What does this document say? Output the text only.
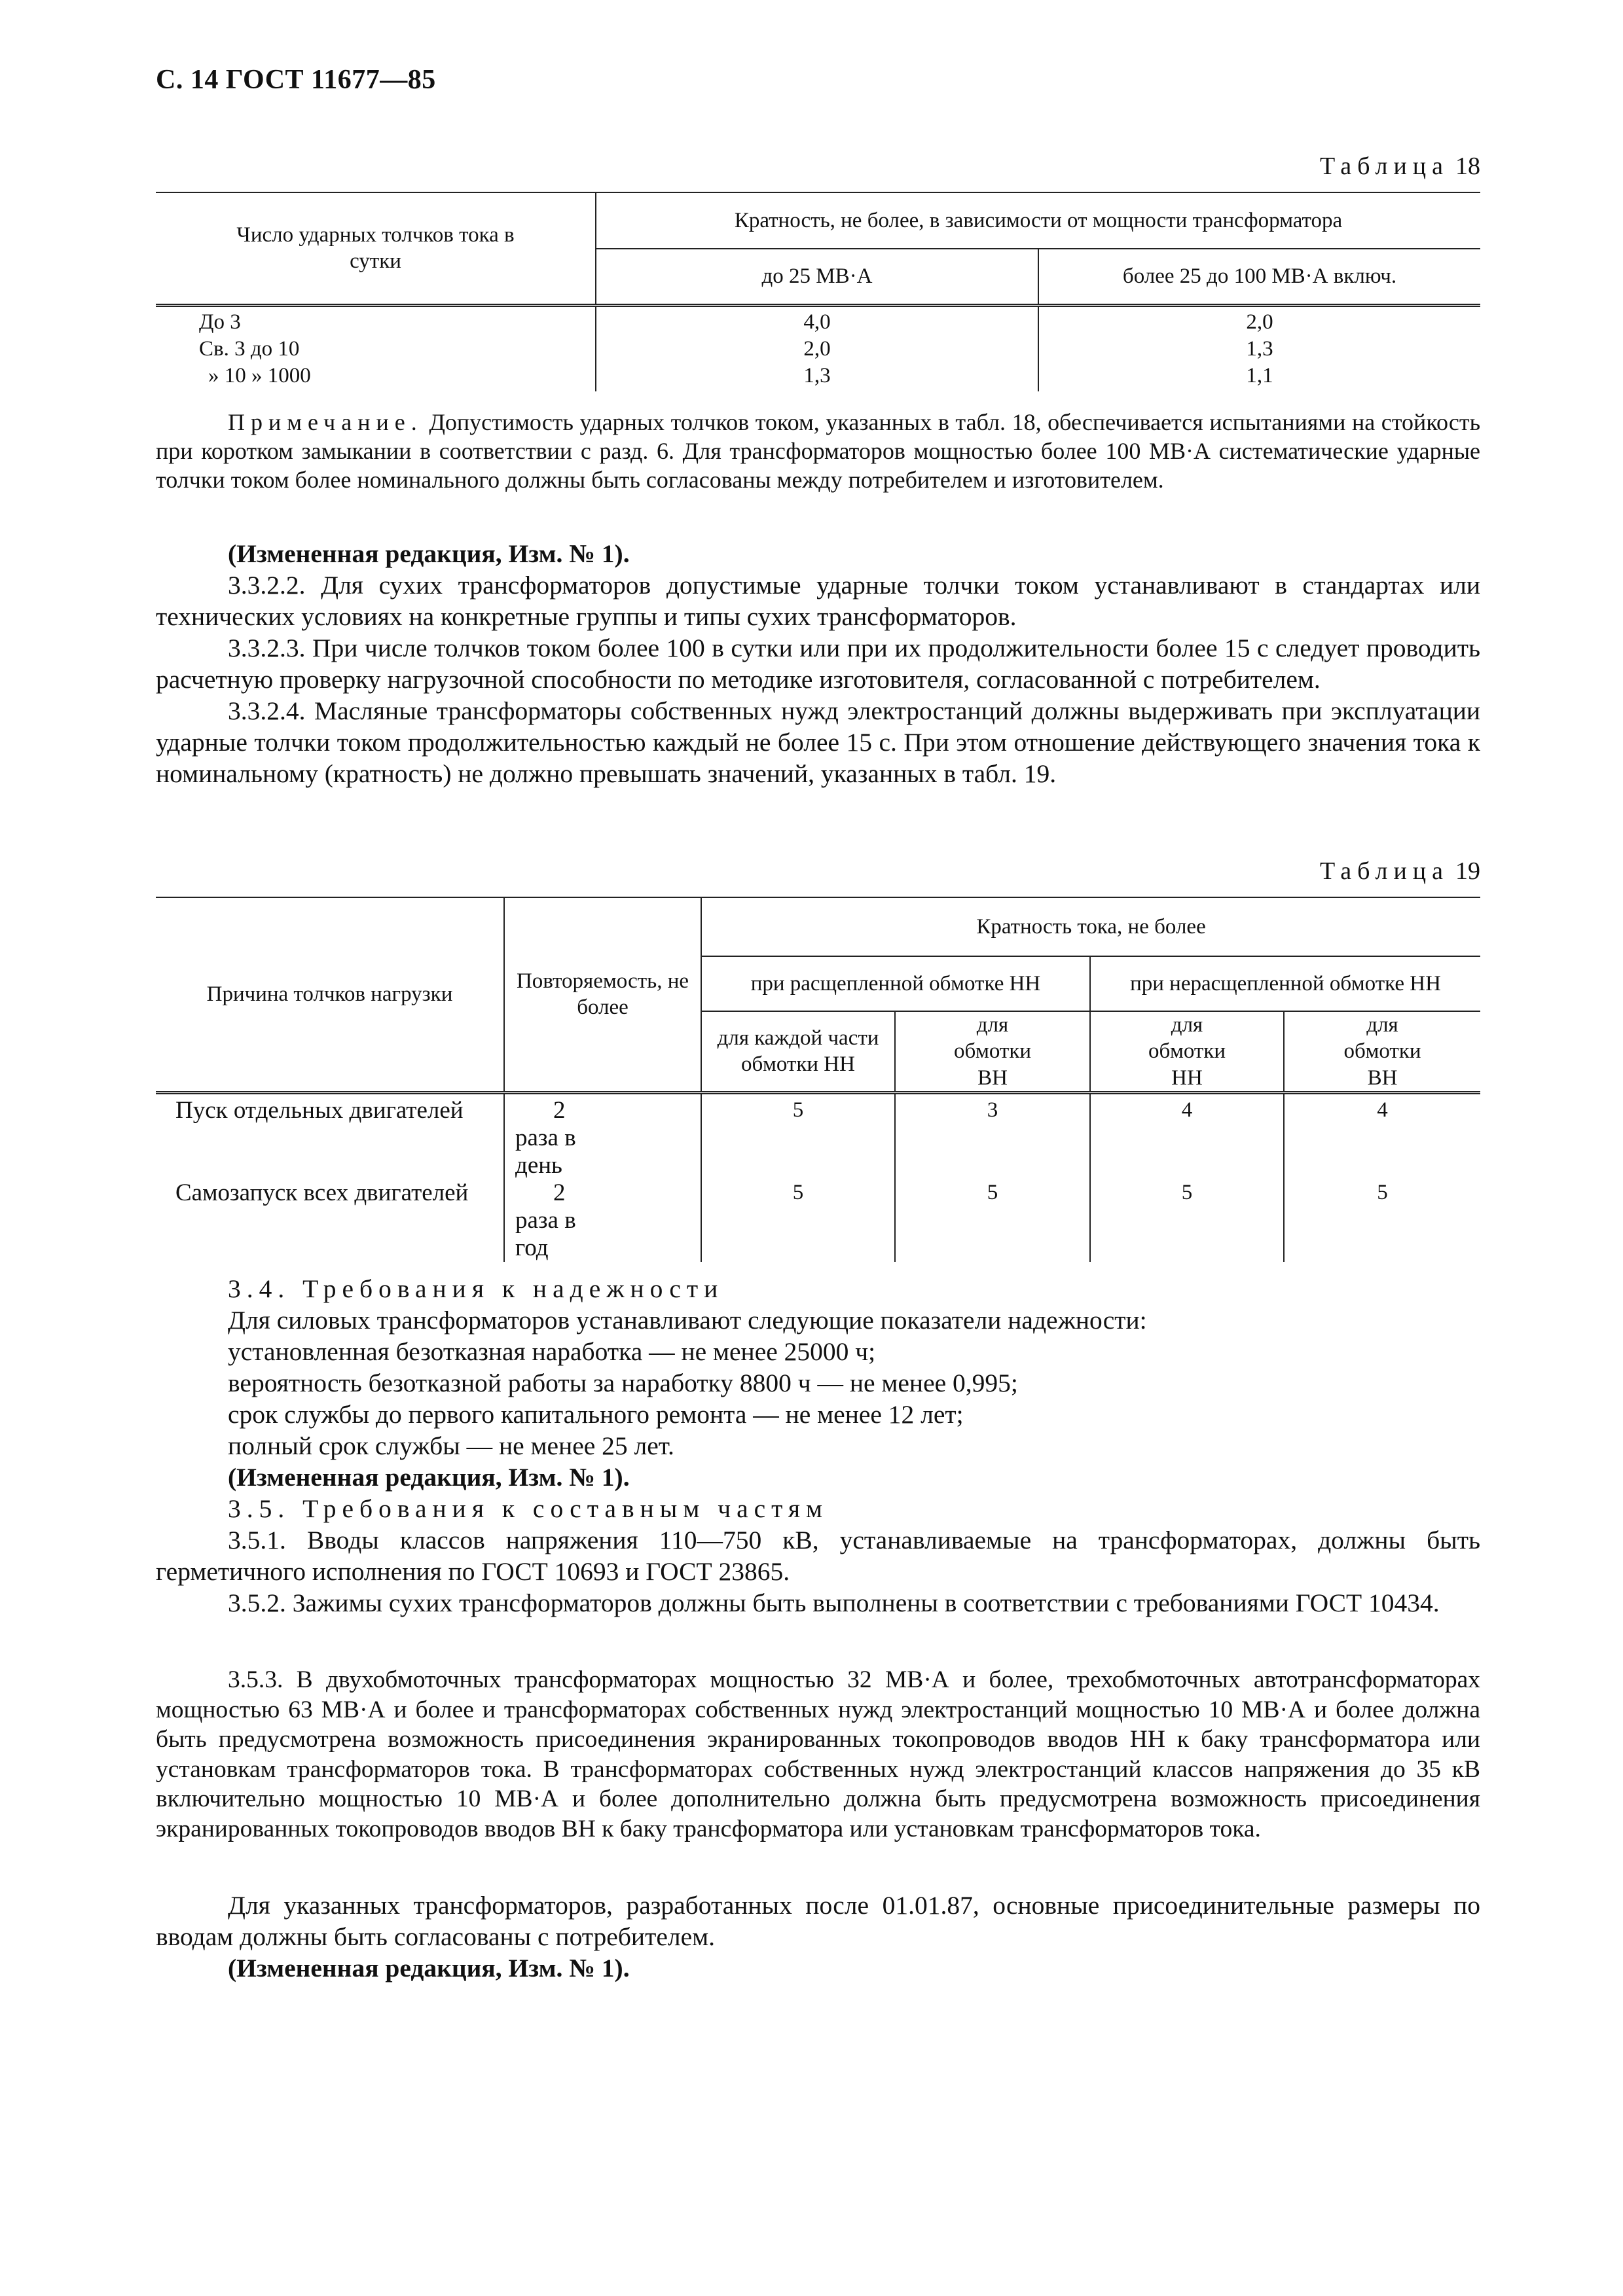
С. 14 ГОСТ 11677—85
Таблица 18
Число ударных толчков тока в сутки	Кратность, не более, в зависимости от мощности трансформатора	
	до 25 МВ·А	более 25 до 100 МВ·А включ.
До 3	4,0	2,0
Св. 3 до 10	2,0	1,3
» 10 » 1000	1,3	1,1

Примечание. Допустимость ударных толчков током, указанных в табл. 18, обеспечивается испытаниями на стойкость при коротком замыкании в соответствии с разд. 6. Для трансформаторов мощностью более 100 МВ·А систематические ударные толчки током более номинального должны быть согласованы между потребителем и изготовителем.

(Измененная редакция, Изм. № 1).

3.3.2.2. Для сухих трансформаторов допустимые ударные толчки током устанавливают в стандартах или технических условиях на конкретные группы и типы сухих трансформаторов.

3.3.2.3. При числе толчков током более 100 в сутки или при их продолжительности более 15 с следует проводить расчетную проверку нагрузочной способности по методике изготовителя, согласованной с потребителем.

3.3.2.4. Масляные трансформаторы собственных нужд электростанций должны выдерживать при эксплуатации ударные толчки током продолжительностью каждый не более 15 с. При этом отношение действующего значения тока к номинальному (кратность) не должно превышать значений, указанных в табл. 19.

Таблица 19
Причина толчков нагрузки	Повторяемость, не более	Кратность тока, не более			
		при расщепленной обмотке НН		при нерасщепленной обмотке НН	

		для каждой части обмотки НН	для обмотки ВН	для обмотки НН	для обмотки ВН

Пуск отдельных двигателей	2 раза в день	5	3	4	4

Самозапуск всех двигателей	2 раза в год	5	5	5	5

3.4. Требования к надежности

Для силовых трансформаторов устанавливают следующие показатели надежности:

установленная безотказная наработка — не менее 25000 ч;

вероятность безотказной работы за наработку 8800 ч — не менее 0,995;

срок службы до первого капитального ремонта — не менее 12 лет;

полный срок службы — не менее 25 лет.

(Измененная редакция, Изм. № 1).

3.5. Требования к составным частям

3.5.1. Вводы классов напряжения 110—750 кВ, устанавливаемые на трансформаторах, должны быть герметичного исполнения по ГОСТ 10693 и ГОСТ 23865.

3.5.2. Зажимы сухих трансформаторов должны быть выполнены в соответствии с требованиями ГОСТ 10434.

3.5.3. В двухобмоточных трансформаторах мощностью 32 МВ·А и более, трехобмоточных автотрансформаторах мощностью 63 МВ·А и более и трансформаторах собственных нужд электростанций мощностью 10 МВ·А и более должна быть предусмотрена возможность присоединения экранированных токопроводов вводов НН к баку трансформатора или установкам трансформаторов тока. В трансформаторах собственных нужд электростанций классов напряжения до 35 кВ включительно мощностью 10 МВ·А и более дополнительно должна быть предусмотрена возможность присоединения экранированных токопроводов вводов ВН к баку трансформатора или установкам трансформаторов тока.

Для указанных трансформаторов, разработанных после 01.01.87, основные присоединительные размеры по вводам должны быть согласованы с потребителем.

(Измененная редакция, Изм. № 1).
